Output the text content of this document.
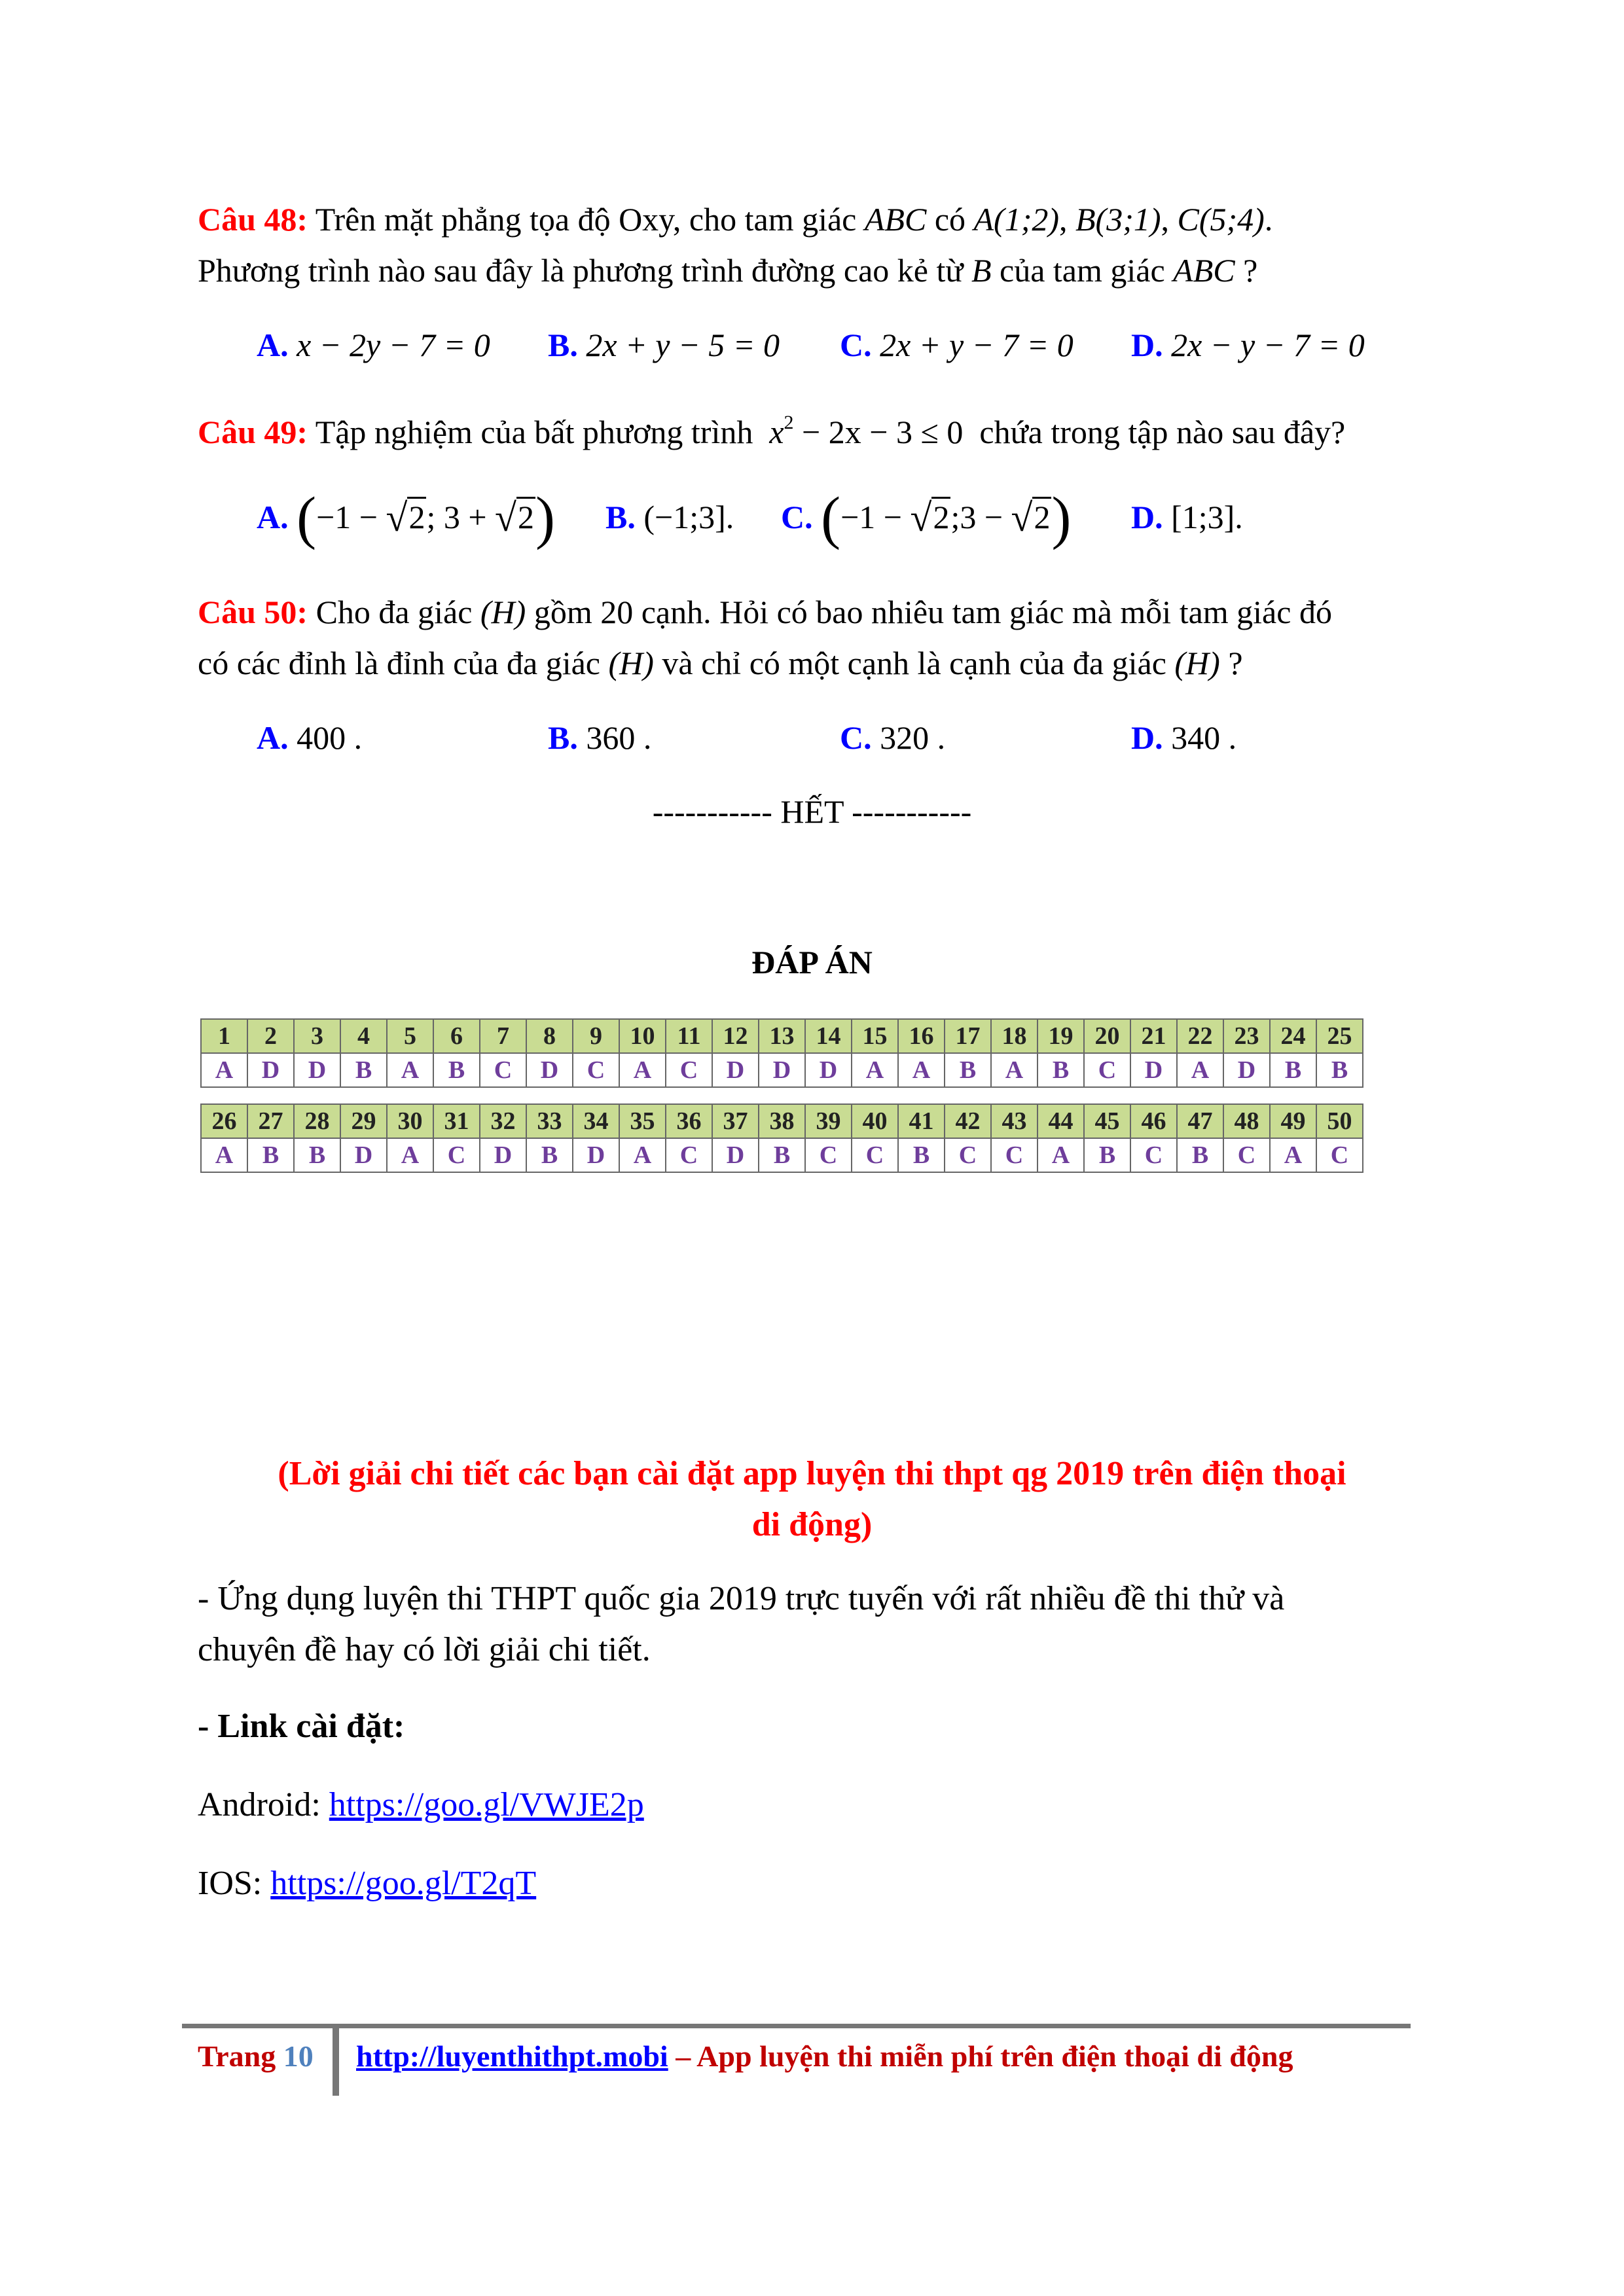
Câu 48: Trên mặt phẳng tọa độ Oxy, cho tam giác ABC có A(1;2), B(3;1), C(5;4).
Phương trình nào sau đây là phương trình đường cao kẻ từ B của tam giác ABC ?
A. x − 2y − 7 = 0 B. 2x + y − 5 = 0 C. 2x + y − 7 = 0 D. 2x − y − 7 = 0
Câu 49: Tập nghiệm của bất phương trình $x^2 - 2x - 3 \le 0$ chứa trong tập nào sau đây?
A. (−1 − √2; 3 + √2) B. (−1;3]. C. (−1 − √2;3 − √2) D. [1;3].
Câu 50: Cho đa giác (H) gồm 20 cạnh. Hỏi có bao nhiêu tam giác mà mỗi tam giác đó
có các đỉnh là đỉnh của đa giác (H) và chỉ có một cạnh là cạnh của đa giác (H) ?
A. 400 .	B. 360 .	C. 320 .	D. 340 .
----------- HẾT -----------
ĐÁP ÁN
1	2	3	4	5	6	7	8	9	10	11	12	13	14	15	16	17	18	19	20	21	22	23	24	25
A	D	D	B	A	B	C	D	C	A	C	D	D	D	A	A	B	A	B	C	D	A	D	B	B
26	27	28	29	30	31	32	33	34	35	36	37	38	39	40	41	42	43	44	45	46	47	48	49	50
A	B	B	D	A	C	D	B	D	A	C	D	B	C	C	B	C	C	A	B	C	B	C	A	C
(Lời giải chi tiết các bạn cài đặt app luyện thi thpt qg 2019 trên điện thoại
di động)
- Ứng dụng luyện thi THPT quốc gia 2019 trực tuyến với rất nhiều đề thi thử và
chuyên đề hay có lời giải chi tiết.
- Link cài đặt:
Android: https://goo.gl/VWJE2p
IOS: https://goo.gl/T2qT
Trang 10 http://luyenthithpt.mobi – App luyện thi miễn phí trên điện thoại di động
